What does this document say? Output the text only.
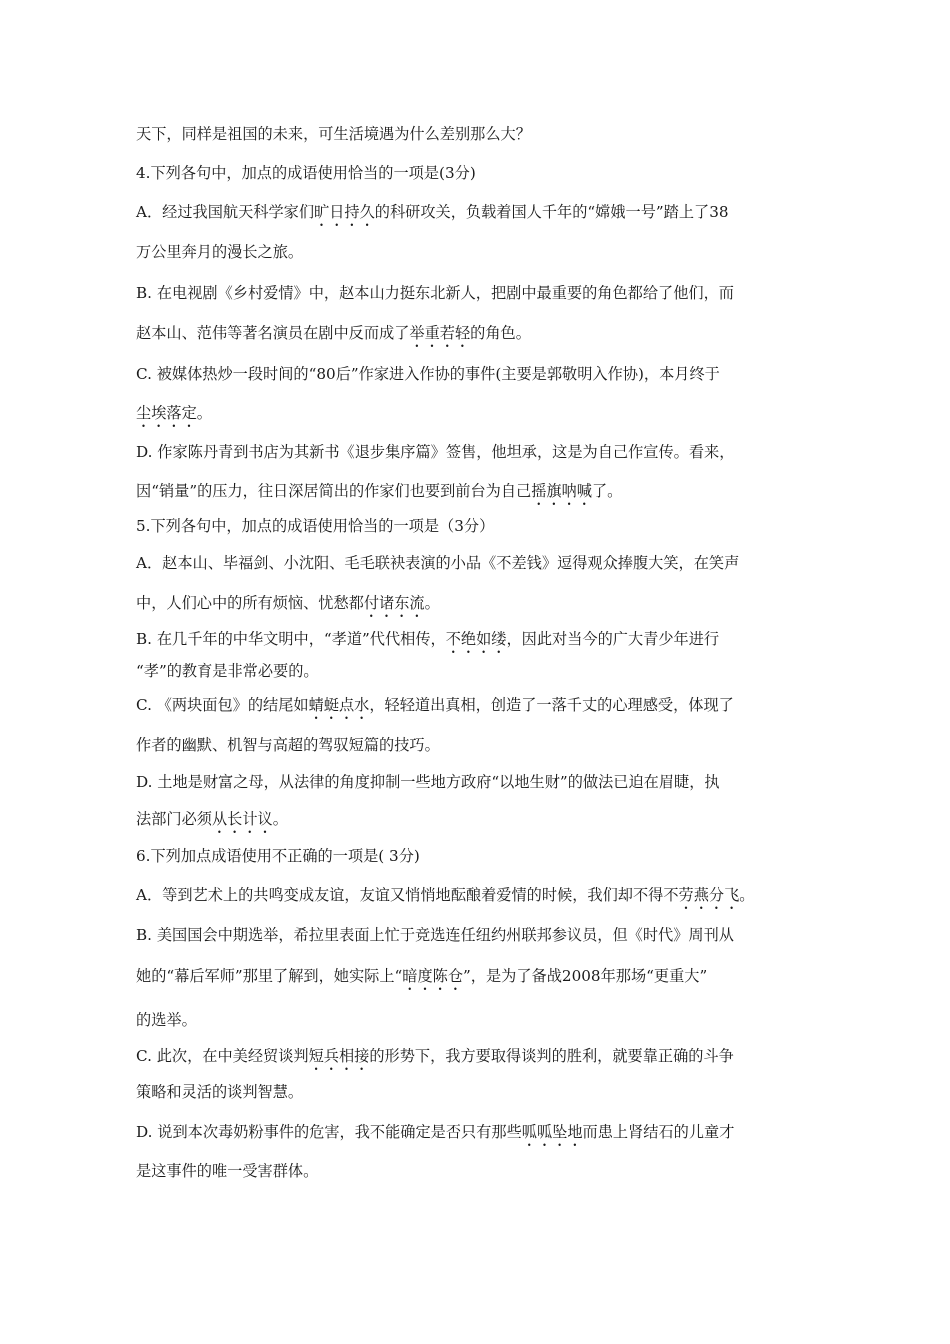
天下，同样是祖国的未来，可生活境遇为什么差别那么大？

4.下列各句中，加点的成语使用恰当的一项是(3分)

A．经过我国航天科学家们旷日持久的科研攻关，负载着国人千年的“嫦娥一号”踏上了38

万公里奔月的漫长之旅。

B. 在电视剧《乡村爱情》中，赵本山力挺东北新人，把剧中最重要的角色都给了他们，而

赵本山、范伟等著名演员在剧中反而成了举重若轻的角色。

C. 被媒体热炒一段时间的“80后”作家进入作协的事件(主要是郭敬明入作协)，本月终于

尘埃落定。

D. 作家陈丹青到书店为其新书《退步集序篇》签售，他坦承，这是为自己作宣传。看来，

因“销量”的压力，往日深居简出的作家们也要到前台为自己摇旗呐喊了。

5.下列各句中，加点的成语使用恰当的一项是（3分）

A．赵本山、毕福剑、小沈阳、毛毛联袂表演的小品《不差钱》逗得观众捧腹大笑，在笑声

中，人们心中的所有烦恼、忧愁都付诸东流。

B. 在几千年的中华文明中，“孝道”代代相传，不绝如缕，因此对当今的广大青少年进行

“孝”的教育是非常必要的。

C. 《两块面包》的结尾如蜻蜓点水，轻轻道出真相，创造了一落千丈的心理感受，体现了

作者的幽默、机智与高超的驾驭短篇的技巧。

D. 土地是财富之母，从法律的角度抑制一些地方政府“以地生财”的做法已迫在眉睫，执

法部门必须从长计议。

6.下列加点成语使用不正确的一项是( 3分)

A．等到艺术上的共鸣变成友谊，友谊又悄悄地酝酿着爱情的时候，我们却不得不劳燕分飞。

B. 美国国会中期选举，希拉里表面上忙于竞选连任纽约州联邦参议员，但《时代》周刊从

她的“幕后军师”那里了解到，她实际上“暗度陈仓”，是为了备战2008年那场“更重大”

的选举。

C. 此次，在中美经贸谈判短兵相接的形势下，我方要取得谈判的胜利，就要靠正确的斗争

策略和灵活的谈判智慧。

D. 说到本次毒奶粉事件的危害，我不能确定是否只有那些呱呱坠地而患上肾结石的儿童才

是这事件的唯一受害群体。
